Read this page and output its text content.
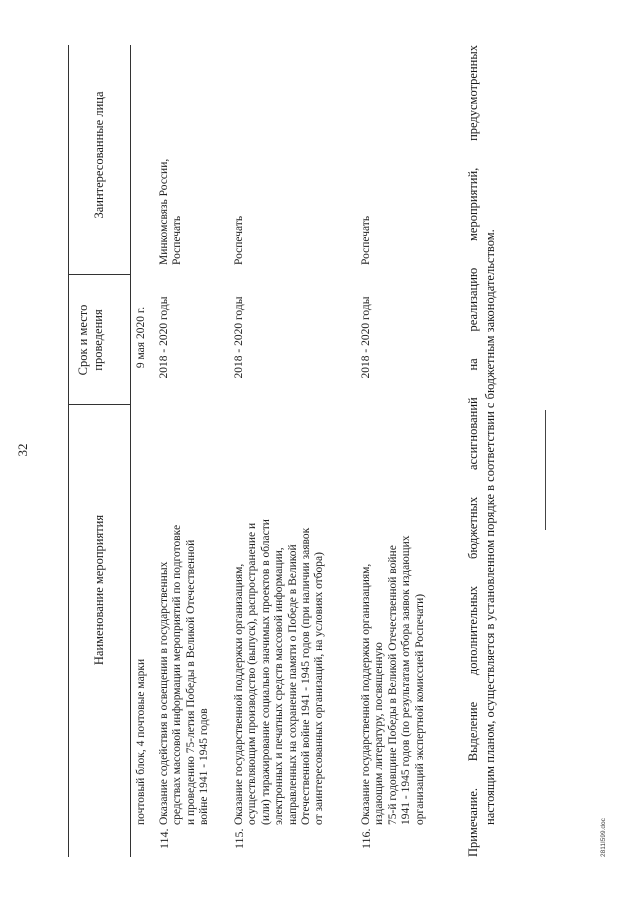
32
Наименование мероприятия
Срок и место проведения
Заинтересованные лица
почтовый блок, 4 почтовые марки
9 мая 2020 г.
114.
Оказание содействия в освещении в государственных средствах массовой информации мероприятий по подготовке и проведению 75-летия Победы в Великой Отечественной войне 1941 - 1945 годов
2018 - 2020 годы
Минкомсвязь России, Роспечать
115.
Оказание государственной поддержки организациям, осуществляющим производство (выпуск), распространение и (или) тиражирование социально значимых проектов в области электронных и печатных средств массовой информации, направленных на сохранение памяти о Победе в Великой Отечественной войне 1941 - 1945 годов (при наличии заявок от заинтересованных организаций, на условиях отбора)
2018 - 2020 годы
Роспечать
116.
Оказание государственной поддержки организациям, издающим литературу, посвященную 75-й годовщине Победы в Великой Отечественной войне 1941 - 1945 годов (по результатам отбора заявок издающих организаций экспертной комиссией Роспечати)
2018 - 2020 годы
Роспечать	Примечание. Выделение дополнительных бюджетных ассигнований на реализацию мероприятий, предусмотренных настоящим планом, осуществляется в установленном порядке в соответствии с бюджетным законодательством.
2811I599.doc
